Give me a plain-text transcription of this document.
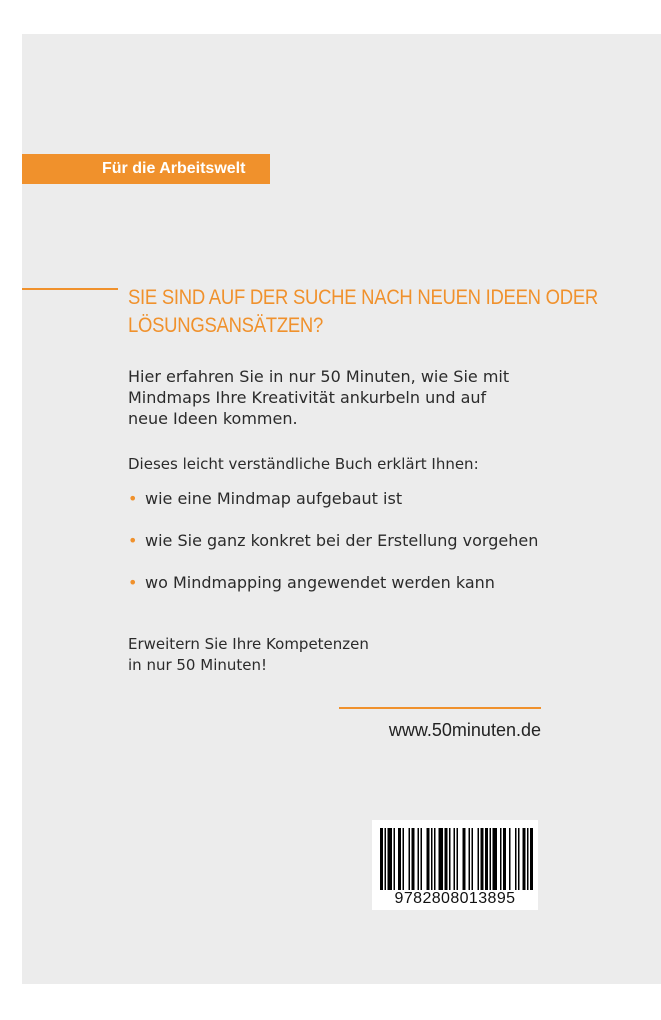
Für die Arbeitswelt
SIE SIND AUF DER SUCHE NACH NEUEN IDEEN ODER
LÖSUNGSANSÄTZEN?
Hier erfahren Sie in nur 50 Minuten, wie Sie mit
Mindmaps Ihre Kreativität ankurbeln und auf
neue Ideen kommen.
Dieses leicht verständliche Buch erklärt Ihnen:
• wie eine Mindmap aufgebaut ist
• wie Sie ganz konkret bei der Erstellung vorgehen
• wo Mindmapping angewendet werden kann
Erweitern Sie Ihre Kompetenzen
in nur 50 Minuten!
www.50minuten.de
9782808013895
